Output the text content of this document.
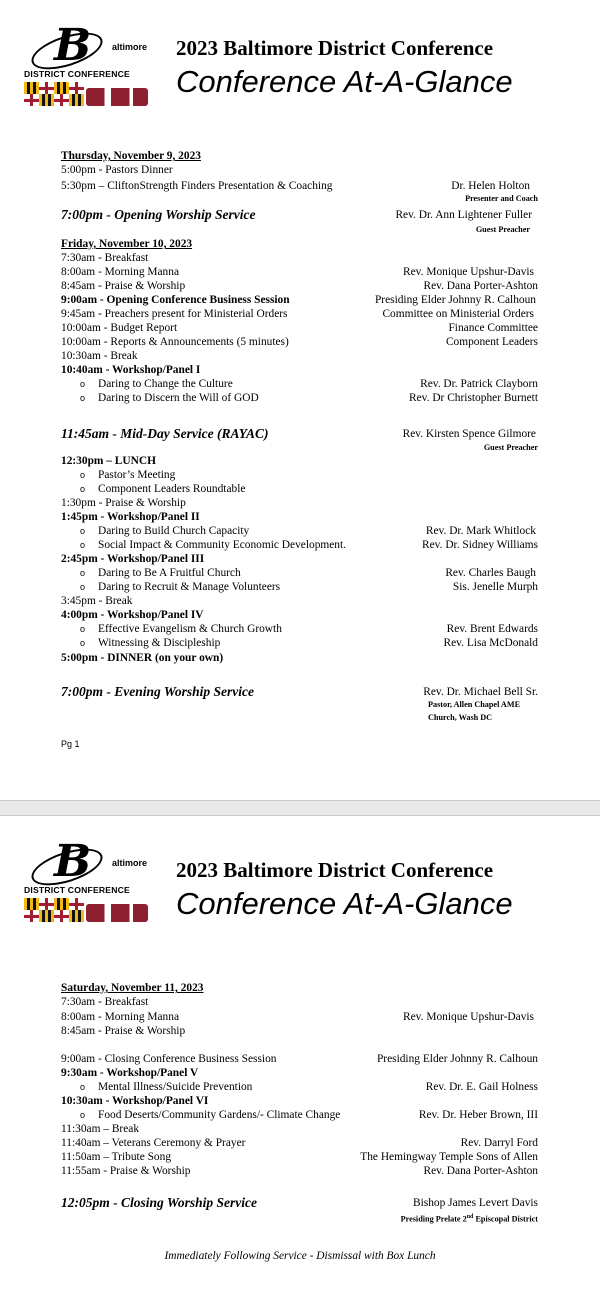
B altimore
DISTRICT CONFERENCE
2023 Baltimore District Conference
Conference At-A-Glance
Thursday, November 9, 2023
5:00pm - Pastors Dinner
5:30pm – CliftonStrength Finders Presentation & Coaching	Dr. Helen Holton
Presenter and Coach
7:00pm - Opening Worship Service	Rev. Dr. Ann Lightener Fuller
Guest Preacher
Friday, November 10, 2023
7:30am - Breakfast
8:00am - Morning Manna	Rev. Monique Upshur-Davis
8:45am - Praise & Worship	Rev. Dana Porter-Ashton
9:00am - Opening Conference Business Session	Presiding Elder Johnny R. Calhoun
9:45am - Preachers present for Ministerial Orders	Committee on Ministerial Orders
10:00am - Budget Report	Finance Committee
10:00am - Reports & Announcements (5 minutes)	Component Leaders
10:30am - Break
10:40am - Workshop/Panel I
o Daring to Change the Culture	Rev. Dr. Patrick Clayborn
o Daring to Discern the Will of GOD	Rev. Dr Christopher Burnett
11:45am - Mid-Day Service (RAYAC)	Rev. Kirsten Spence Gilmore
Guest Preacher
12:30pm – LUNCH
o Pastor’s Meeting
o Component Leaders Roundtable
1:30pm - Praise & Worship
1:45pm - Workshop/Panel II
o Daring to Build Church Capacity	Rev. Dr. Mark Whitlock
o Social Impact & Community Economic Development.	Rev. Dr. Sidney Williams
2:45pm - Workshop/Panel III
o Daring to Be A Fruitful Church	Rev. Charles Baugh
o Daring to Recruit & Manage Volunteers	Sis. Jenelle Murph
3:45pm - Break
4:00pm - Workshop/Panel IV
o Effective Evangelism & Church Growth	Rev. Brent Edwards
o Witnessing & Discipleship	Rev. Lisa McDonald
5:00pm - DINNER (on your own)
7:00pm - Evening Worship Service	Rev. Dr. Michael Bell Sr.
Pastor, Allen Chapel AME
Church, Wash DC
Pg 1
B altimore
DISTRICT CONFERENCE
2023 Baltimore District Conference
Conference At-A-Glance
Saturday, November 11, 2023
7:30am - Breakfast
8:00am - Morning Manna	Rev. Monique Upshur-Davis
8:45am - Praise & Worship
9:00am - Closing Conference Business Session	Presiding Elder Johnny R. Calhoun
9:30am - Workshop/Panel V
o Mental Illness/Suicide Prevention	Rev. Dr. E. Gail Holness
10:30am - Workshop/Panel VI
o Food Deserts/Community Gardens/- Climate Change	Rev. Dr. Heber Brown, III
11:30am – Break
11:40am – Veterans Ceremony & Prayer	Rev. Darryl Ford
11:50am – Tribute Song	The Hemingway Temple Sons of Allen
11:55am - Praise & Worship	Rev. Dana Porter-Ashton
12:05pm - Closing Worship Service	Bishop James Levert Davis
Presiding Prelate 2nd Episcopal District
Immediately Following Service - Dismissal with Box Lunch
